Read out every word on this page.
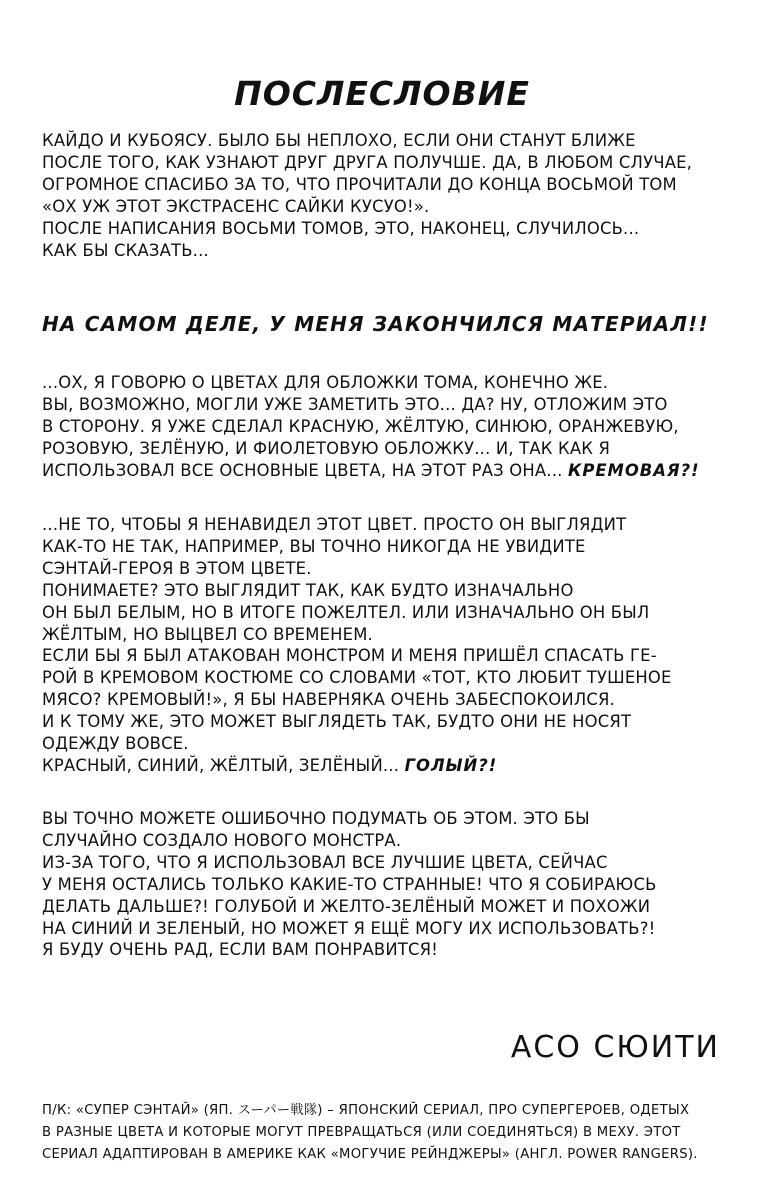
ПОСЛЕСЛОВИЕ
КАЙДО И КУБОЯСУ. БЫЛО БЫ НЕПЛОХО, ЕСЛИ ОНИ СТАНУТ БЛИЖЕ
ПОСЛЕ ТОГО, КАК УЗНАЮТ ДРУГ ДРУГА ПОЛУЧШЕ. ДА, В ЛЮБОМ СЛУЧАЕ,
ОГРОМНОЕ СПАСИБО ЗА ТО, ЧТО ПРОЧИТАЛИ ДО КОНЦА ВОСЬМОЙ ТОМ
«ОХ УЖ ЭТОТ ЭКСТРАСЕНС САЙКИ КУСУО!».
ПОСЛЕ НАПИСАНИЯ ВОСЬМИ ТОМОВ, ЭТО, НАКОНЕЦ, СЛУЧИЛОСЬ...
КАК БЫ СКАЗАТЬ...
НА САМОМ ДЕЛЕ, У МЕНЯ ЗАКОНЧИЛСЯ МАТЕРИАЛ!!
...ОХ, Я ГОВОРЮ О ЦВЕТАХ ДЛЯ ОБЛОЖКИ ТОМА, КОНЕЧНО ЖЕ.
ВЫ, ВОЗМОЖНО, МОГЛИ УЖЕ ЗАМЕТИТЬ ЭТО... ДА? НУ, ОТЛОЖИМ ЭТО
В СТОРОНУ. Я УЖЕ СДЕЛАЛ КРАСНУЮ, ЖЁЛТУЮ, СИНЮЮ, ОРАНЖЕВУЮ,
РОЗОВУЮ, ЗЕЛЁНУЮ, И ФИОЛЕТОВУЮ ОБЛОЖКУ... И, ТАК КАК Я
ИСПОЛЬЗОВАЛ ВСЕ ОСНОВНЫЕ ЦВЕТА, НА ЭТОТ РАЗ ОНА... КРЕМОВАЯ?!
...НЕ ТО, ЧТОБЫ Я НЕНАВИДЕЛ ЭТОТ ЦВЕТ. ПРОСТО ОН ВЫГЛЯДИТ
КАК-ТО НЕ ТАК, НАПРИМЕР, ВЫ ТОЧНО НИКОГДА НЕ УВИДИТЕ
СЭНТАЙ-ГЕРОЯ В ЭТОМ ЦВЕТЕ.
ПОНИМАЕТЕ? ЭТО ВЫГЛЯДИТ ТАК, КАК БУДТО ИЗНАЧАЛЬНО
ОН БЫЛ БЕЛЫМ, НО В ИТОГЕ ПОЖЕЛТЕЛ. ИЛИ ИЗНАЧАЛЬНО ОН БЫЛ
ЖЁЛТЫМ, НО ВЫЦВЕЛ СО ВРЕМЕНЕМ.
ЕСЛИ БЫ Я БЫЛ АТАКОВАН МОНСТРОМ И МЕНЯ ПРИШЁЛ СПАСАТЬ ГЕ-
РОЙ В КРЕМОВОМ КОСТЮМЕ СО СЛОВАМИ «ТОТ, КТО ЛЮБИТ ТУШЕНОЕ
МЯСО? КРЕМОВЫЙ!», Я БЫ НАВЕРНЯКА ОЧЕНЬ ЗАБЕСПОКОИЛСЯ.
И К ТОМУ ЖЕ, ЭТО МОЖЕТ ВЫГЛЯДЕТЬ ТАК, БУДТО ОНИ НЕ НОСЯТ
ОДЕЖДУ ВОВСЕ.
КРАСНЫЙ, СИНИЙ, ЖЁЛТЫЙ, ЗЕЛЁНЫЙ... ГОЛЫЙ?!
ВЫ ТОЧНО МОЖЕТЕ ОШИБОЧНО ПОДУМАТЬ ОБ ЭТОМ. ЭТО БЫ
СЛУЧАЙНО СОЗДАЛО НОВОГО МОНСТРА.
ИЗ-ЗА ТОГО, ЧТО Я ИСПОЛЬЗОВАЛ ВСЕ ЛУЧШИЕ ЦВЕТА, СЕЙЧАС
У МЕНЯ ОСТАЛИСЬ ТОЛЬКО КАКИЕ-ТО СТРАННЫЕ! ЧТО Я СОБИРАЮСЬ
ДЕЛАТЬ ДАЛЬШЕ?! ГОЛУБОЙ И ЖЕЛТО-ЗЕЛЁНЫЙ МОЖЕТ И ПОХОЖИ
НА СИНИЙ И ЗЕЛЕНЫЙ, НО МОЖЕТ Я ЕЩЁ МОГУ ИХ ИСПОЛЬЗОВАТЬ?!
Я БУДУ ОЧЕНЬ РАД, ЕСЛИ ВАМ ПОНРАВИТСЯ!
АСО СЮИТИ
П/К: «СУПЕР СЭНТАЙ» (ЯП. スーパー戦隊) – ЯПОНСКИЙ СЕРИАЛ, ПРО СУПЕРГЕРОЕВ, ОДЕТЫХ
В РАЗНЫЕ ЦВЕТА И КОТОРЫЕ МОГУТ ПРЕВРАЩАТЬСЯ (ИЛИ СОЕДИНЯТЬСЯ) В МЕХУ. ЭТОТ
СЕРИАЛ АДАПТИРОВАН В АМЕРИКЕ КАК «МОГУЧИЕ РЕЙНДЖЕРЫ» (АНГЛ. POWER RANGERS).
